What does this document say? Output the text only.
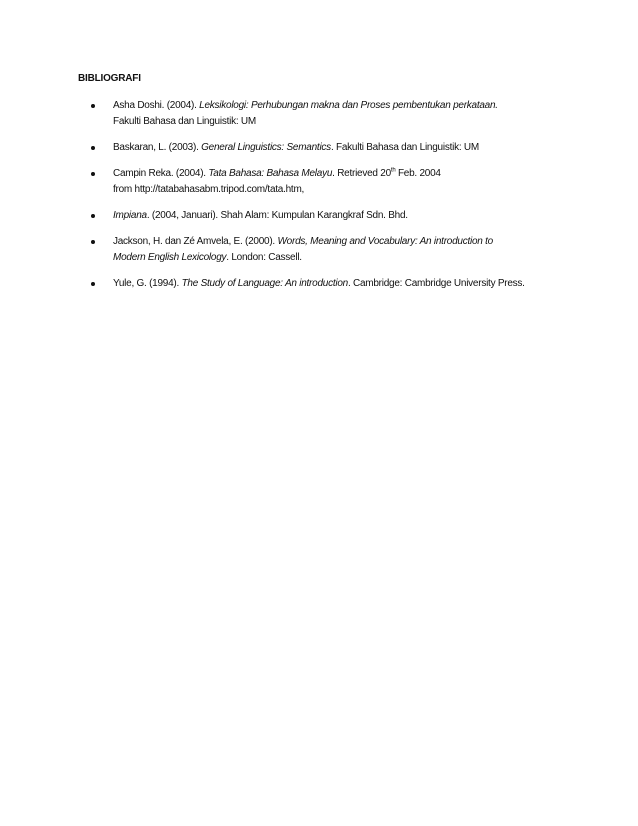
BIBLIOGRAFI
Asha Doshi. (2004). Leksikologi: Perhubungan makna dan Proses pembentukan perkataan.
Fakulti Bahasa dan Linguistik: UM
Baskaran, L. (2003). General Linguistics: Semantics. Fakulti Bahasa dan Linguistik: UM
Campin Reka. (2004). Tata Bahasa: Bahasa Melayu. Retrieved 20th Feb. 2004
from http://tatabahasabm.tripod.com/tata.htm,
Impiana. (2004, Januari). Shah Alam: Kumpulan Karangkraf Sdn. Bhd.
Jackson, H. dan Zé Amvela, E. (2000). Words, Meaning and Vocabulary: An introduction to
Modern English Lexicology. London: Cassell.
Yule, G. (1994). The Study of Language: An introduction. Cambridge: Cambridge University Press.
